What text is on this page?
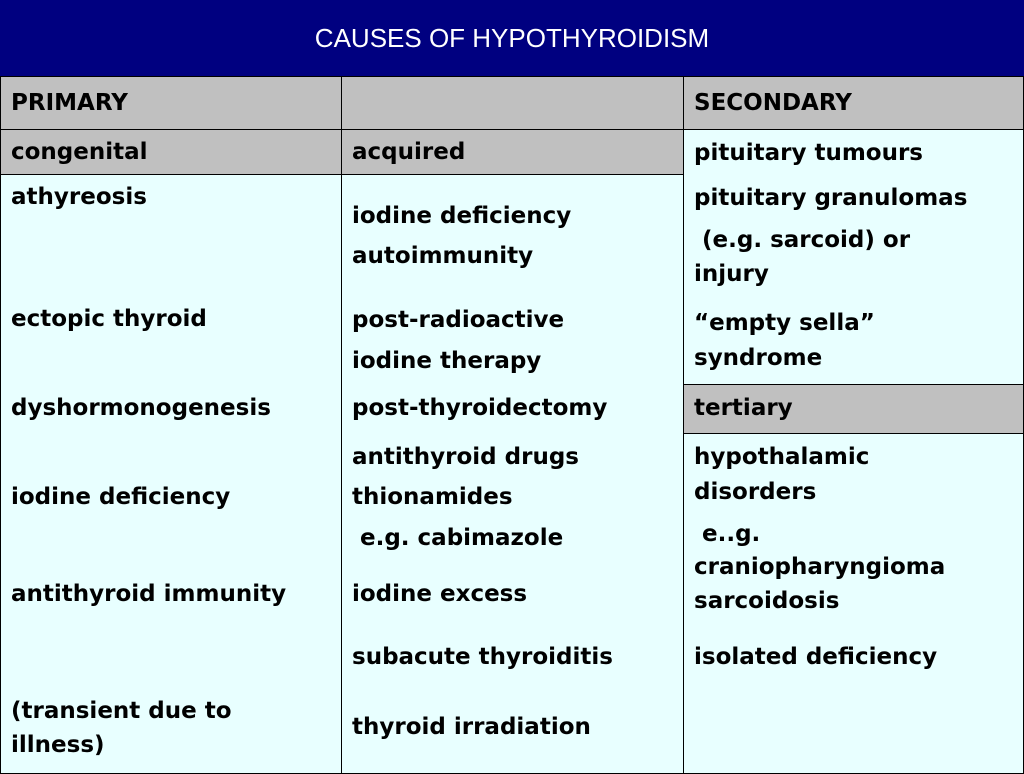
CAUSES OF HYPOTHYROIDISM
PRIMARY	SECONDARY
congenital	acquired
tertiary
athyreosis
ectopic thyroid
dyshormonogenesis
iodine deficiency
antithyroid immunity
(transient due to
illness)
iodine deficiency
autoimmunity
post-radioactive
iodine therapy
post-thyroidectomy
antithyroid drugs
thionamides
e.g. cabimazole
iodine excess
subacute thyroiditis
thyroid irradiation
pituitary tumours
pituitary granulomas
(e.g. sarcoid) or
injury
“empty sella”
syndrome
hypothalamic
disorders
e..g.
craniopharyngioma
sarcoidosis
isolated deficiency
